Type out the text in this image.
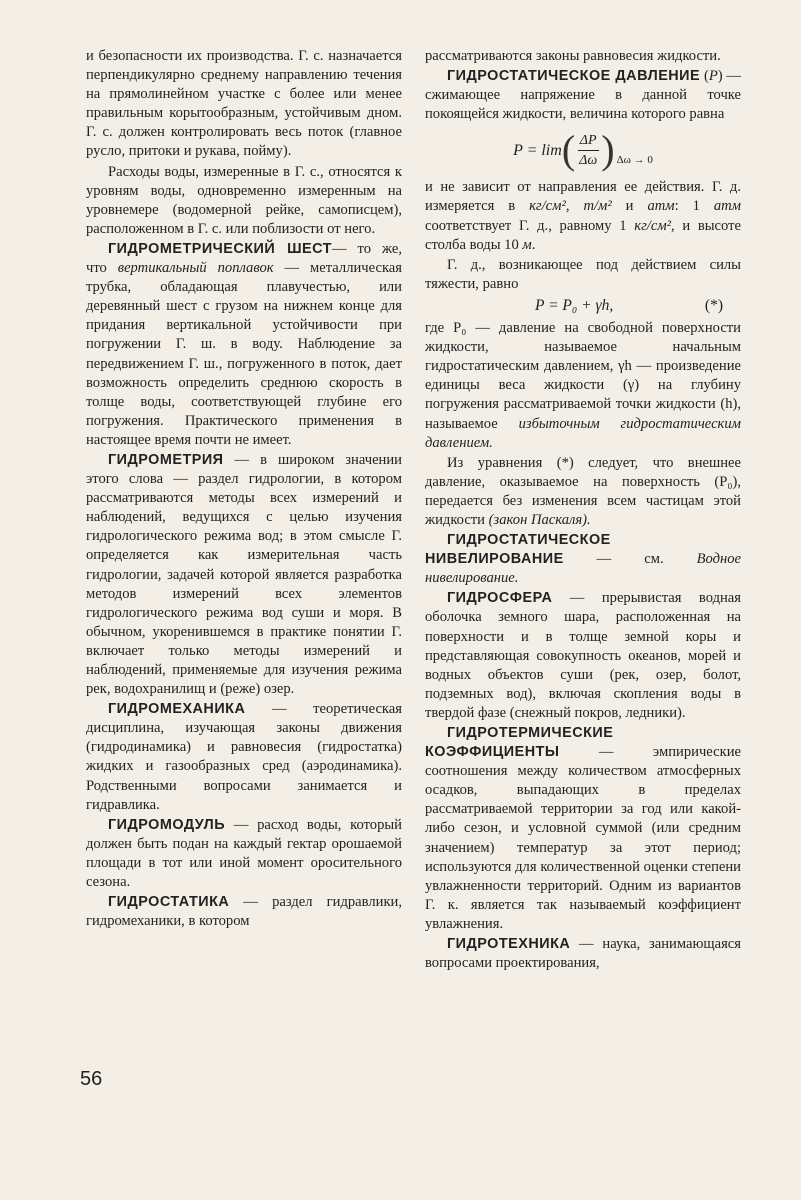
и безопасности их производства. Г. с. назначается перпендикулярно среднему направлению течения на прямолинейном участке с более или менее правильным корытообразным, устойчивым дном. Г. с. должен контролировать весь поток (главное русло, притоки и рукава, пойму).

Расходы воды, измеренные в Г. с., относятся к уровням воды, одновременно измеренным на уровнемере (водомерной рейке, самописцем), расположенном в Г. с. или поблизости от него.

ГИДРОМЕТРИЧЕСКИЙ ШЕСТ— то же, что вертикальный поплавок — металлическая трубка, обладающая плавучестью, или деревянный шест с грузом на нижнем конце для придания вертикальной устойчивости при погружении Г. ш. в воду. Наблюдение за передвижением Г. ш., погруженного в поток, дает возможность определить среднюю скорость в толще воды, соответствующей глубине его погружения. Практического применения в настоящее время почти не имеет.

ГИДРОМЕТРИЯ — в широком значении этого слова — раздел гидрологии, в котором рассматриваются методы всех измерений и наблюдений, ведущихся с целью изучения гидрологического режима вод; в этом смысле Г. определяется как измерительная часть гидрологии, задачей которой является разработка методов измерений всех элементов гидрологического режима вод суши и моря. В обычном, укоренившемся в практике понятии Г. включает только методы измерений и наблюдений, применяемые для изучения режима рек, водохранилищ и (реже) озер.

ГИДРОМЕХАНИКА — теоретическая дисциплина, изучающая законы движения (гидродинамика) и равновесия (гидростатка) жидких и газообразных сред (аэродинамика). Родственными вопросами занимается и гидравлика.

ГИДРОМОДУЛЬ — расход воды, который должен быть подан на каждый гектар орошаемой площади в тот или иной момент оросительного сезона.

ГИДРОСТАТИКА — раздел гидравлики, гидромеханики, в котором

рассматриваются законы равновесия жидкости.

ГИДРОСТАТИЧЕСКОЕ ДАВЛЕНИЕ (P) — сжимающее напряжение в данной точке покоящейся жидкости, величина которого равна

P = lim ( $\frac{\Delta P}{\Delta\omega}$ ) Δω → 0

и не зависит от направления ее действия. Г. д. измеряется в кг/см², т/м² и атм: 1 атм соответствует Г. д., равному 1 кг/см², и высоте столба воды 10 м.

Г. д., возникающее под действием силы тяжести, равно

P = P₀ + γh,	(*)

где P₀ — давление на свободной поверхности жидкости, называемое начальным гидростатическим давлением, γh — произведение единицы веса жидкости (γ) на глубину погружения рассматриваемой точки жидкости (h), называемое избыточным гидростатическим давлением.

Из уравнения (*) следует, что внешнее давление, оказываемое на поверхность (P₀), передается без изменения всем частицам этой жидкости (закон Паскаля).

ГИДРОСТАТИЧЕСКОЕ НИВЕЛИРОВАНИЕ — см. Водное нивелирование.

ГИДРОСФЕРА — прерывистая водная оболочка земного шара, расположенная на поверхности и в толще земной коры и представляющая совокупность океанов, морей и водных объектов суши (рек, озер, болот, подземных вод), включая скопления воды в твердой фазе (снежный покров, ледники).

ГИДРОТЕРМИЧЕСКИЕ КОЭФФИЦИЕНТЫ — эмпирические соотношения между количеством атмосферных осадков, выпадающих в пределах рассматриваемой территории за год или какой-либо сезон, и условной суммой (или средним значением) температур за этот период; используются для количественной оценки степени увлажненности территорий. Одним из вариантов Г. к. является так называемый коэффициент увлажнения.

ГИДРОТЕХНИКА — наука, занимающаяся вопросами проектирования,

56
